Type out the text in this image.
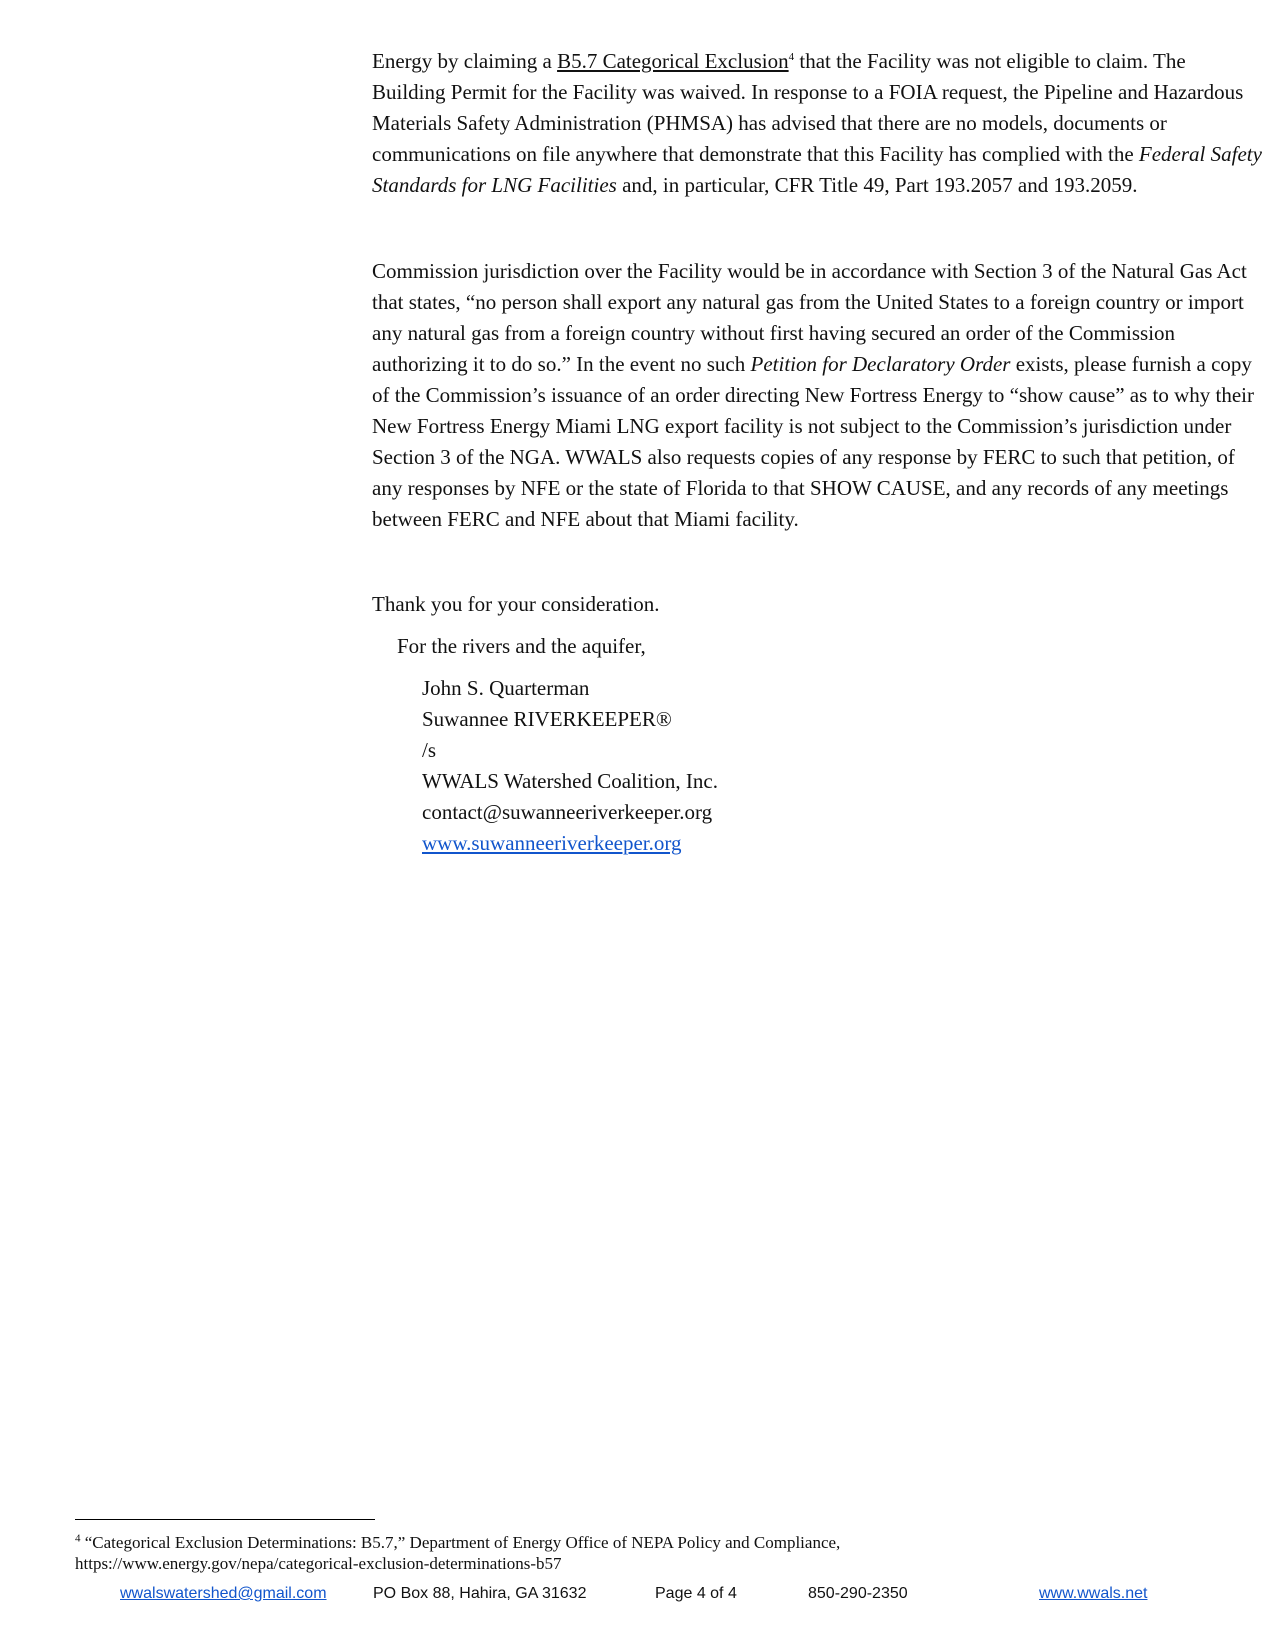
Energy by claiming a B5.7 Categorical Exclusion$^4$ that the Facility was not eligible to claim. The Building Permit for the Facility was waived. In response to a FOIA request, the Pipeline and Hazardous Materials Safety Administration (PHMSA) has advised that there are no models, documents or communications on file anywhere that demonstrate that this Facility has complied with the Federal Safety Standards for LNG Facilities and, in particular, CFR Title 49, Part 193.2057 and 193.2059.

Commission jurisdiction over the Facility would be in accordance with Section 3 of the Natural Gas Act that states, “no person shall export any natural gas from the United States to a foreign country or import any natural gas from a foreign country without first having secured an order of the Commission authorizing it to do so.” In the event no such Petition for Declaratory Order exists, please furnish a copy of the Commission’s issuance of an order directing New Fortress Energy to “show cause” as to why their New Fortress Energy Miami LNG export facility is not subject to the Commission’s jurisdiction under Section 3 of the NGA. WWALS also requests copies of any response by FERC to such that petition, of any responses by NFE or the state of Florida to that SHOW CAUSE, and any records of any meetings between FERC and NFE about that Miami facility.

Thank you for your consideration.
For the rivers and the aquifer,
John S. Quarterman
Suwannee RIVERKEEPER®
/s
WWALS Watershed Coalition, Inc.
contact@suwanneeriverkeeper.org
www.suwanneeriverkeeper.org
$^4$ “Categorical Exclusion Determinations: B5.7,” Department of Energy Office of NEPA Policy and Compliance,
https://www.energy.gov/nepa/categorical-exclusion-determinations-b57
wwalswatershed@gmail.com	PO Box 88, Hahira, GA 31632	Page 4 of 4	850-290-2350	www.wwals.net
